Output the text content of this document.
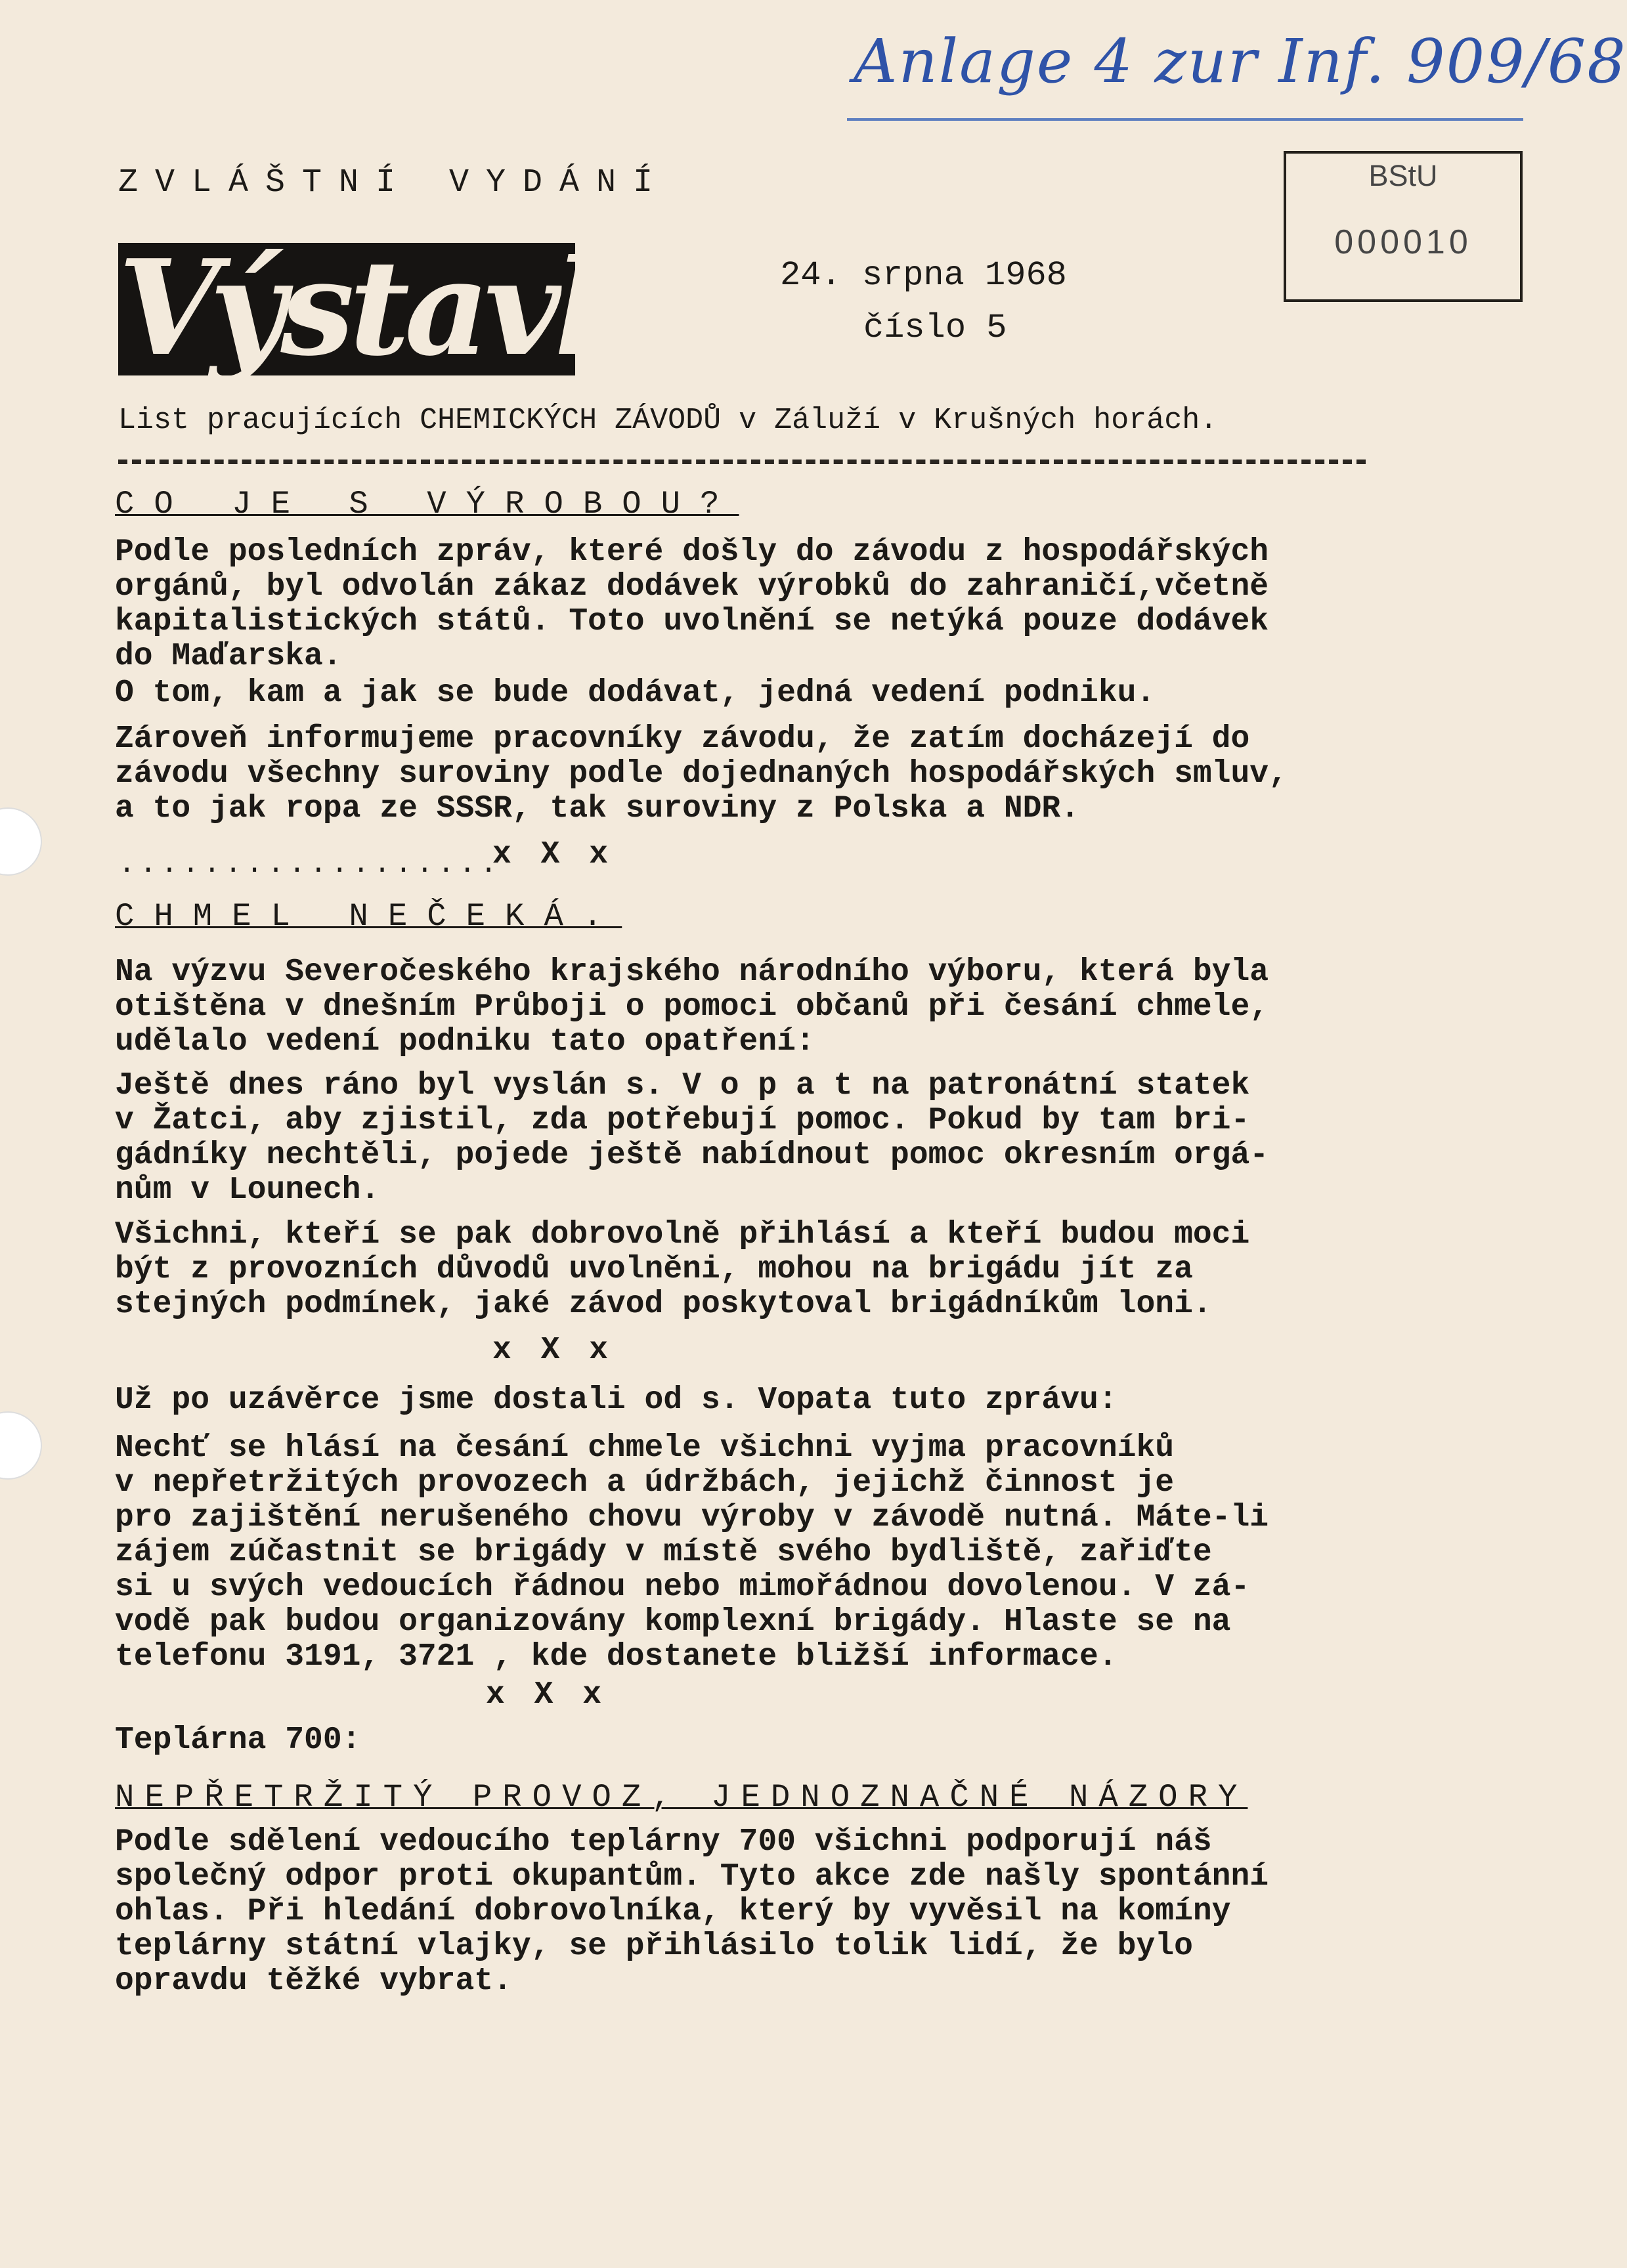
Anlage 4 zur Inf. 909/68
ZVLÁŠTNÍ VYDÁNÍ
Výstavba 24. srpna 1968
číslo 5
BStU
000010
List pracujících CHEMICKÝCH ZÁVODŮ v Záluží v Krušných horách.
CO JE S VÝROBOU?
Podle posledních zpráv, které došly do závodu z hospodářských
orgánů, byl odvolán zákaz dodávek výrobků do zahraničí,včetně
kapitalistických států. Toto uvolnění se netýká pouze dodávek
do Maďarska.
O tom, kam a jak se bude dodávat, jedná vedení podniku.
Zároveň informujeme pracovníky závodu, že zatím docházejí do
závodu všechny suroviny podle dojednaných hospodářských smluv,
a to jak ropa ze SSSR, tak suroviny z Polska a NDR.
..................
x X x
CHMEL NEČEKÁ.
Na výzvu Severočeského krajského národního výboru, která byla
otištěna v dnešním Průboji o pomoci občanů při česání chmele,
udělalo vedení podniku tato opatření:
Ještě dnes ráno byl vyslán s. V o p a t na patronátní statek
v Žatci, aby zjistil, zda potřebují pomoc. Pokud by tam bri-
gádníky nechtěli, pojede ještě nabídnout pomoc okresním orgá-
nům v Lounech.
Všichni, kteří se pak dobrovolně přihlásí a kteří budou moci
být z provozních důvodů uvolněni, mohou na brigádu jít za
stejných podmínek, jaké závod poskytoval brigádníkům loni.
x X x
Už po uzávěrce jsme dostali od s. Vopata tuto zprávu:
Nechť se hlásí na česání chmele všichni vyjma pracovníků
v nepřetržitých provozech a údržbách, jejichž činnost je
pro zajištění nerušeného chovu výroby v závodě nutná. Máte-li
zájem zúčastnit se brigády v místě svého bydliště, zařiďte
si u svých vedoucích řádnou nebo mimořádnou dovolenou. V zá-
vodě pak budou organizovány komplexní brigády. Hlaste se na
telefonu 3191, 3721 , kde dostanete bližší informace.
x X x
Teplárna 700:
NEPŘETRŽITÝ PROVOZ, JEDNOZNAČNÉ NÁZORY
Podle sdělení vedoucího teplárny 700 všichni podporují náš
společný odpor proti okupantům. Tyto akce zde našly spontánní
ohlas. Při hledání dobrovolníka, který by vyvěsil na komíny
teplárny státní vlajky, se přihlásilo tolik lidí, že bylo
opravdu těžké vybrat.
